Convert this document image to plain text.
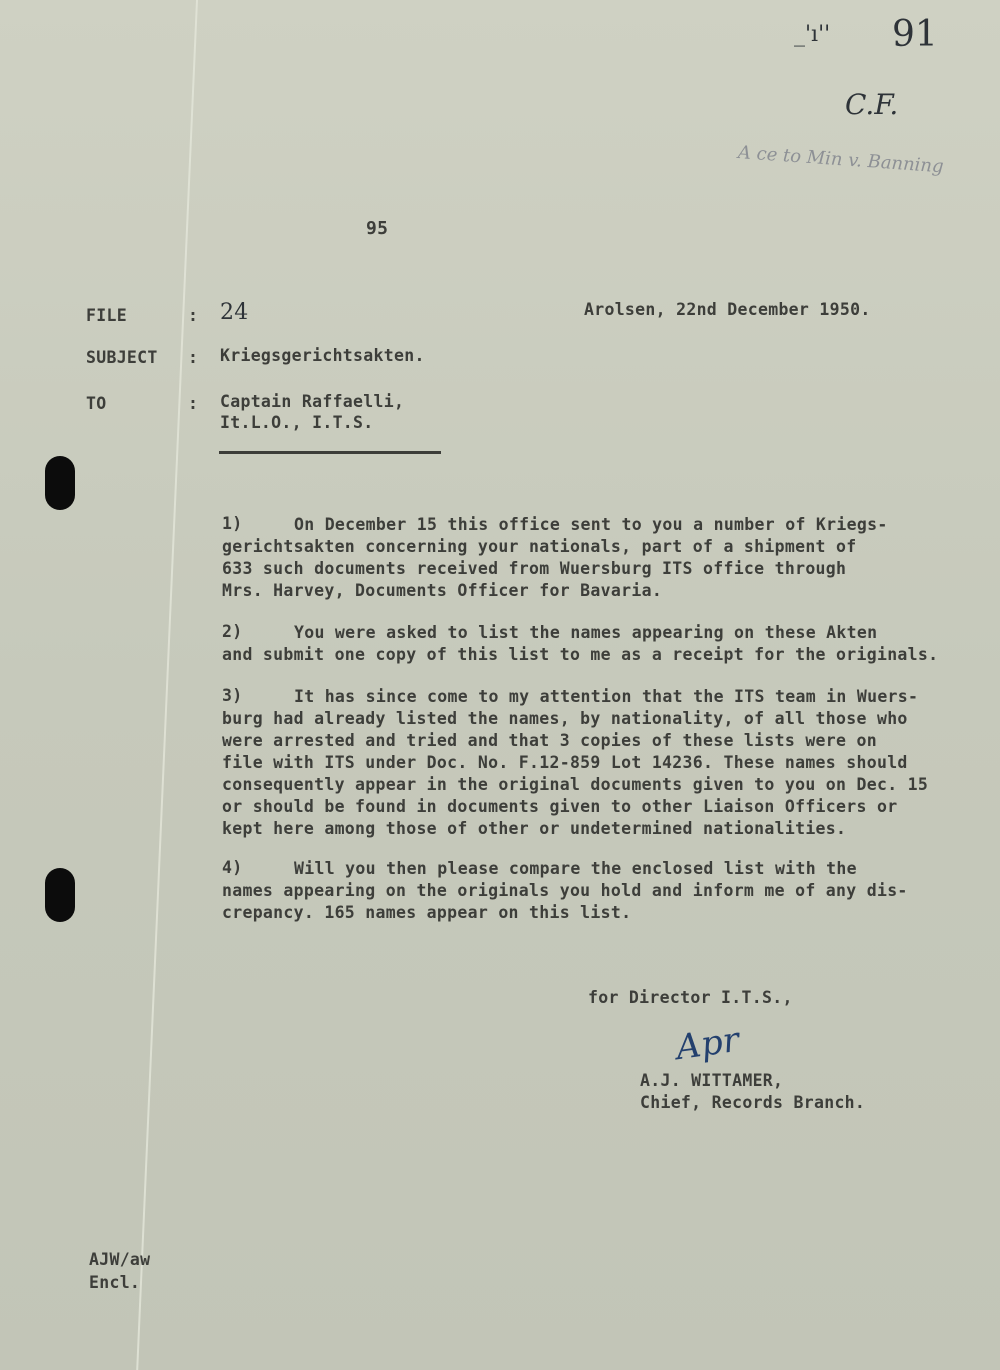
_'ı'' 91
C.F.
A ce to Min v. Banning
95
FILE	: 24	Arolsen, 22nd December 1950.
SUBJECT : Kriegsgerichtsakten.
TO	: Captain Raffaelli,
It.L.O., I.T.S.
1)	On December 15 this office sent to you a number of Kriegs-

gerichtsakten concerning your nationals, part of a shipment of

633 such documents received from Wuersburg ITS office through

Mrs. Harvey, Documents Officer for Bavaria.

2)	You were asked to list the names appearing on these Akten

and submit one copy of this list to me as a receipt for the originals.

3)	It has since come to my attention that the ITS team in Wuers-

burg had already listed the names, by nationality, of all those who

were arrested and tried and that 3 copies of these lists were on

file with ITS under Doc. No. F.12-859 Lot 14236. These names should

consequently appear in the original documents given to you on Dec. 15

or should be found in documents given to other Liaison Officers or

kept here among those of other or undetermined nationalities.

4)	Will you then please compare the enclosed list with the

names appearing on the originals you hold and inform me of any dis-

crepancy. 165 names appear on this list.

for Director I.T.S.,
Apr
A.J. WITTAMER,
Chief, Records Branch.
AJW/aw
Encl.
